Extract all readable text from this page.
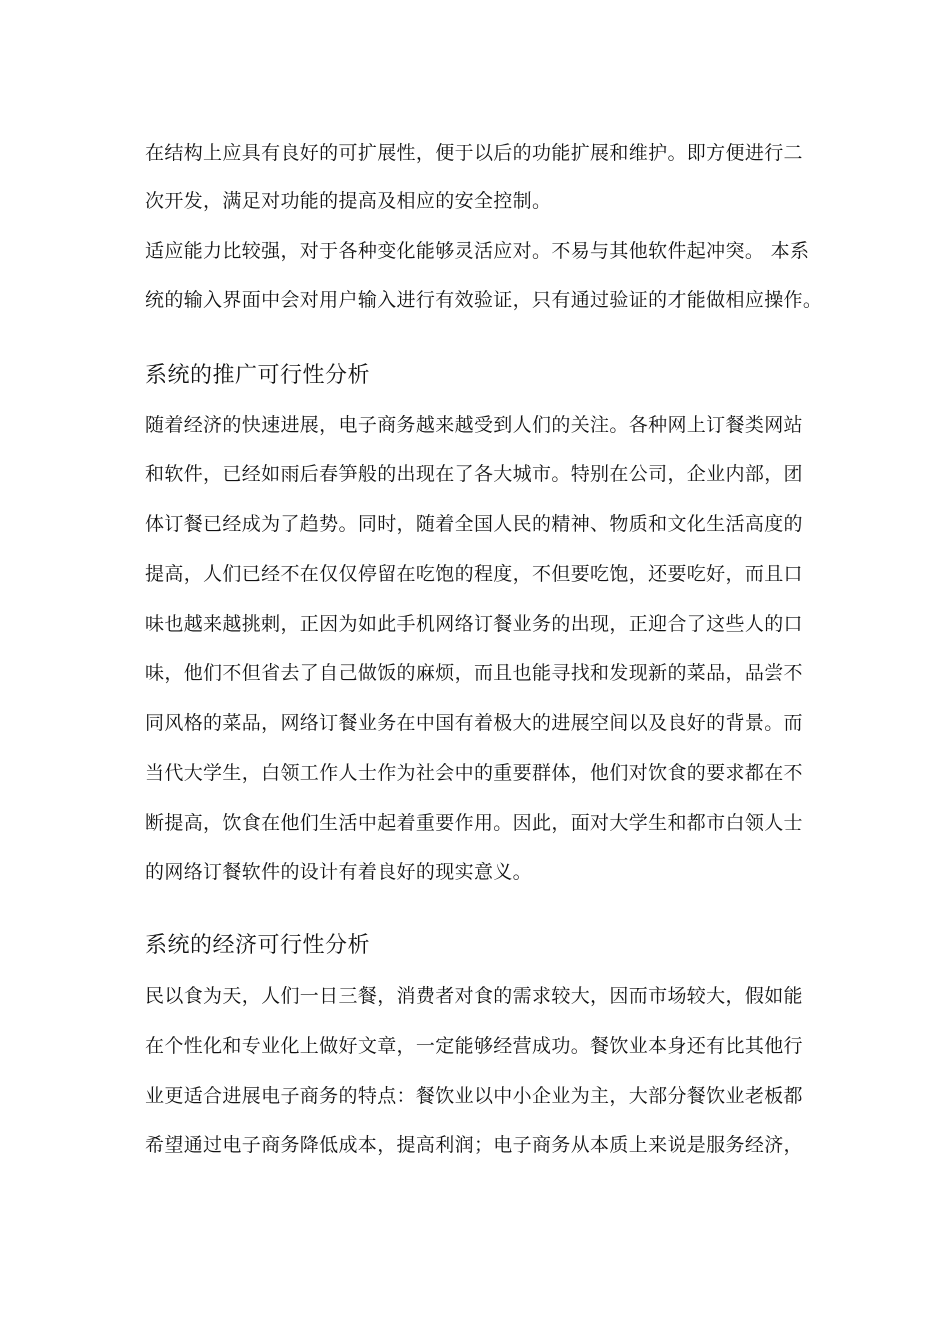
在结构上应具有良好的可扩展性，便于以后的功能扩展和维护。即方便进行二
次开发，满足对功能的提高及相应的安全控制。
适应能力比较强，对于各种变化能够灵活应对。不易与其他软件起冲突。 本系
统的输入界面中会对用户输入进行有效验证，只有通过验证的才能做相应操作。
系统的推广可行性分析
随着经济的快速进展，电子商务越来越受到人们的关注。各种网上订餐类网站
和软件，已经如雨后春笋般的出现在了各大城市。特别在公司，企业内部，团
体订餐已经成为了趋势。同时，随着全国人民的精神、物质和文化生活高度的
提高，人们已经不在仅仅停留在吃饱的程度，不但要吃饱，还要吃好，而且口
味也越来越挑剌，正因为如此手机网络订餐业务的出现，正迎合了这些人的口
味，他们不但省去了自己做饭的麻烦，而且也能寻找和发现新的菜品，品尝不
同风格的菜品，网络订餐业务在中国有着极大的进展空间以及良好的背景。而
当代大学生，白领工作人士作为社会中的重要群体，他们对饮食的要求都在不
断提高，饮食在他们生活中起着重要作用。因此，面对大学生和都市白领人士
的网络订餐软件的设计有着良好的现实意义。
系统的经济可行性分析
民以食为天，人们一日三餐，消费者对食的需求较大，因而市场较大，假如能
在个性化和专业化上做好文章，一定能够经营成功。餐饮业本身还有比其他行
业更适合进展电子商务的特点：餐饮业以中小企业为主，大部分餐饮业老板都
希望通过电子商务降低成本，提高利润；电子商务从本质上来说是服务经济，
